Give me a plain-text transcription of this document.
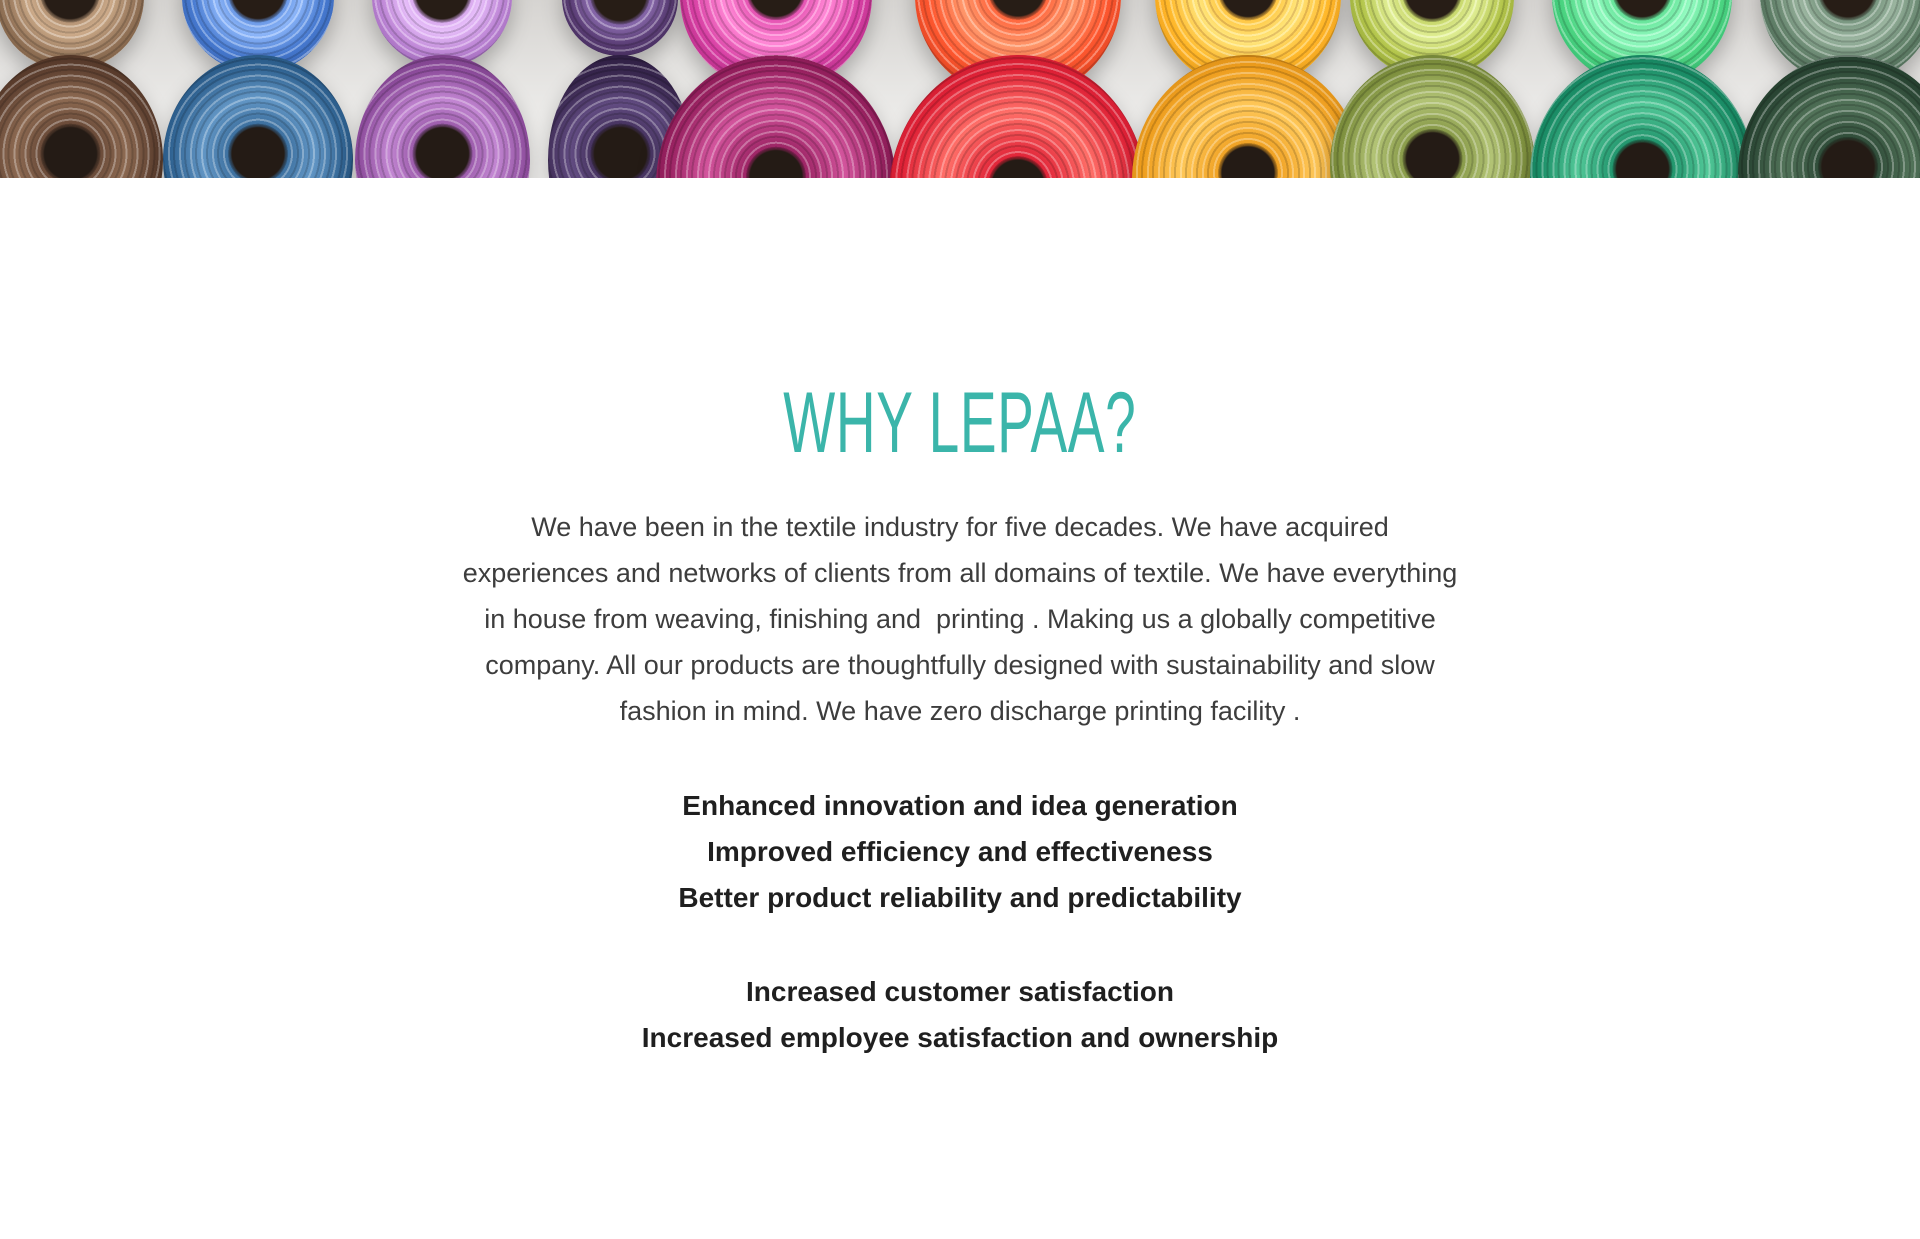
WHY LEPAA?
We have been in the textile industry for five decades. We have acquired
experiences and networks of clients from all domains of textile. We have everything
in house from weaving, finishing and  printing . Making us a globally competitive
company. All our products are thoughtfully designed with sustainability and slow
fashion in mind. We have zero discharge printing facility .
Enhanced innovation and idea generation
Improved efficiency and effectiveness
Better product reliability and predictability
Increased customer satisfaction
Increased employee satisfaction and ownership
